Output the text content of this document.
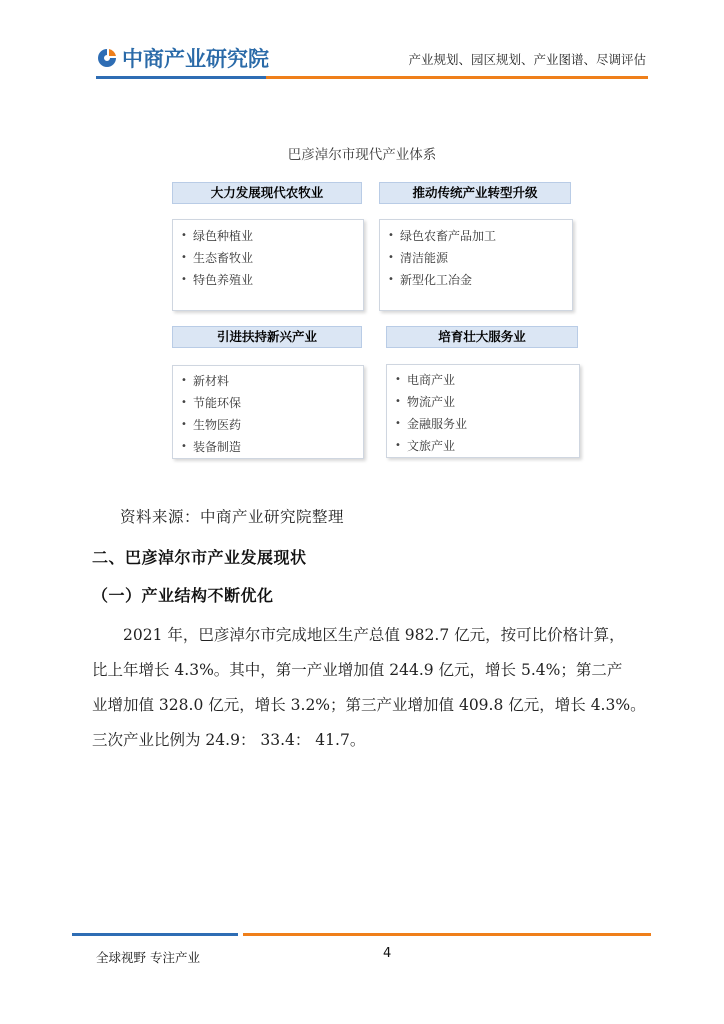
中商产业研究院	产业规划、园区规划、产业图谱、尽调评估
巴彦淖尔市现代产业体系
大力发展现代农牧业
• 绿色种植业
• 生态畜牧业
• 特色养殖业
推动传统产业转型升级
• 绿色农畜产品加工
• 清洁能源
• 新型化工冶金
引进扶持新兴产业
• 新材料
• 节能环保
• 生物医药
• 装备制造
培育壮大服务业
• 电商产业
• 物流产业
• 金融服务业
• 文旅产业
资料来源：中商产业研究院整理
二、巴彦淖尔市产业发展现状
（一）产业结构不断优化
2021 年，巴彦淖尔市完成地区生产总值 982.7 亿元，按可比价格计算，
比上年增长 4.3%。其中，第一产业增加值 244.9 亿元，增长 5.4%；第二产
业增加值 328.0 亿元，增长 3.2%；第三产业增加值 409.8 亿元，增长 4.3%。
三次产业比例为 24.9： 33.4： 41.7。
全球视野 专注产业	4
